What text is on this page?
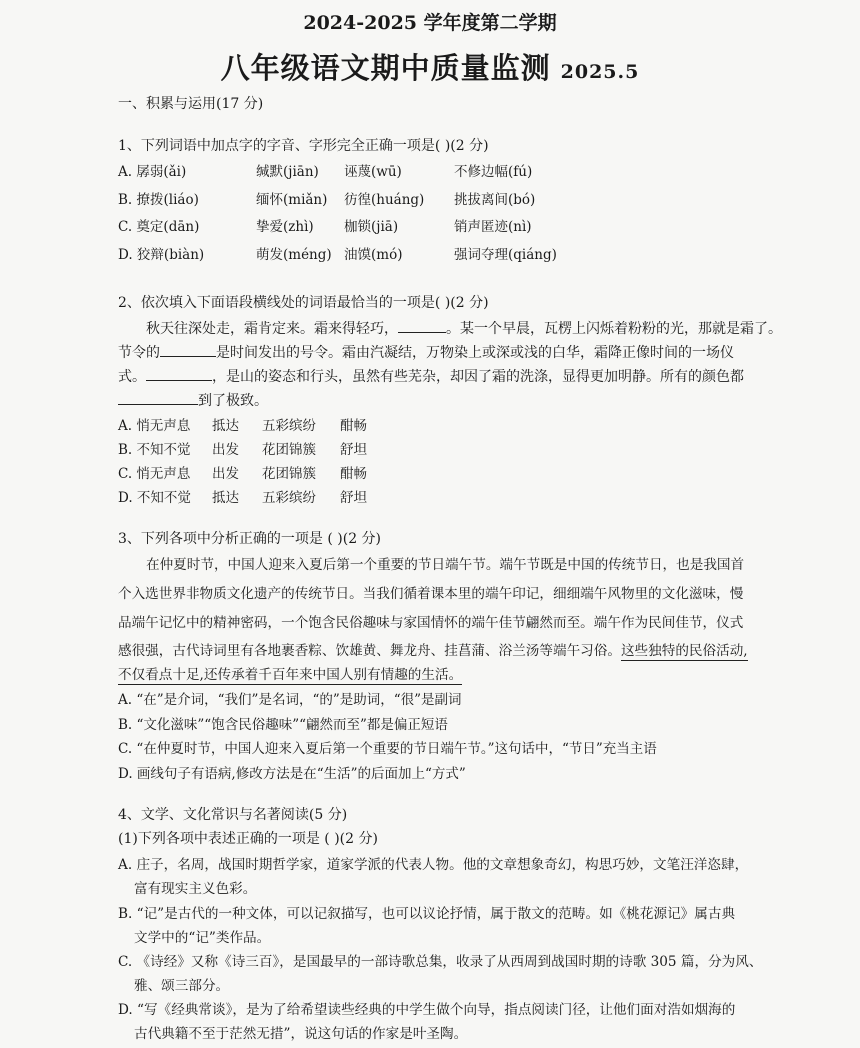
2024-2025 学年度第二学期
八年级语文期中质量监测 2025.5
一、积累与运用(17 分)
1、下列词语中加点字的字音、字形完全正确一项是( )(2 分)
A. 孱弱(ǎi)	缄默(jiān) 诬蔑(wū)	不修边幅(fú)
B. 撩拨(liáo)	缅怀(miǎn) 彷徨(huáng) 挑拔离间(bó)
C. 奠定(dān)	挚爱(zhì) 枷锁(jiā)	销声匿迹(nì)
D. 狡辩(biàn)	萌发(méng) 油馍(mó)	强词夺理(qiáng)
2、依次填入下面语段横线处的词语最恰当的一项是( )(2 分)
秋天往深处走，霜肯定来。霜来得轻巧，	。某一个早晨，瓦楞上闪烁着粉粉的光，那就是霜了。
节令的	是时间发出的号令。霜由汽凝结，万物染上或深或浅的白华，霜降正像时间的一场仪
式。	，是山的姿态和行头，虽然有些芜杂，却因了霜的洗涤，显得更加明静。所有的颜色都
到了极致。
A. 悄无声息 抵达 五彩缤纷 酣畅
B. 不知不觉 出发 花团锦簇 舒坦
C. 悄无声息 出发 花团锦簇 酣畅
D. 不知不觉 抵达 五彩缤纷 舒坦
3、下列各项中分析正确的一项是 ( )(2 分)
在仲夏时节，中国人迎来入夏后第一个重要的节日端午节。端午节既是中国的传统节日，也是我国首
个入选世界非物质文化遗产的传统节日。当我们循着课本里的端午印记，细细端午风物里的文化滋味，慢
品端午记忆中的精神密码，一个饱含民俗趣味与家国情怀的端午佳节翩然而至。端午作为民间佳节，仪式
感很强，古代诗词里有各地裹香粽、饮雄黄、舞龙舟、挂菖蒲、浴兰汤等端午习俗。这些独特的民俗活动,
不仅看点十足,还传承着千百年来中国人别有情趣的生活。
A. “在”是介词，“我们”是名词，“的”是助词，“很”是副词
B. “文化滋味”“饱含民俗趣味”“翩然而至”都是偏正短语
C. “在仲夏时节，中国人迎来入夏后第一个重要的节日端午节。”这句话中，“节日”充当主语
D. 画线句子有语病,修改方法是在“生活”的后面加上“方式”
4、文学、文化常识与名著阅读(5 分)
(1)下列各项中表述正确的一项是 ( )(2 分)
A. 庄子，名周，战国时期哲学家，道家学派的代表人物。他的文章想象奇幻，构思巧妙，文笔汪洋恣肆，
富有现实主义色彩。
B. “记”是古代的一种文体，可以记叙描写，也可以议论抒情，属于散文的范畴。如《桃花源记》属古典
文学中的“记”类作品。
C. 《诗经》又称《诗三百》，是国最早的一部诗歌总集，收录了从西周到战国时期的诗歌 305 篇，分为风、
雅、颂三部分。
D. “写《经典常谈》，是为了给希望读些经典的中学生做个向导，指点阅读门径，让他们面对浩如烟海的
古代典籍不至于茫然无措”，说这句话的作家是叶圣陶。
